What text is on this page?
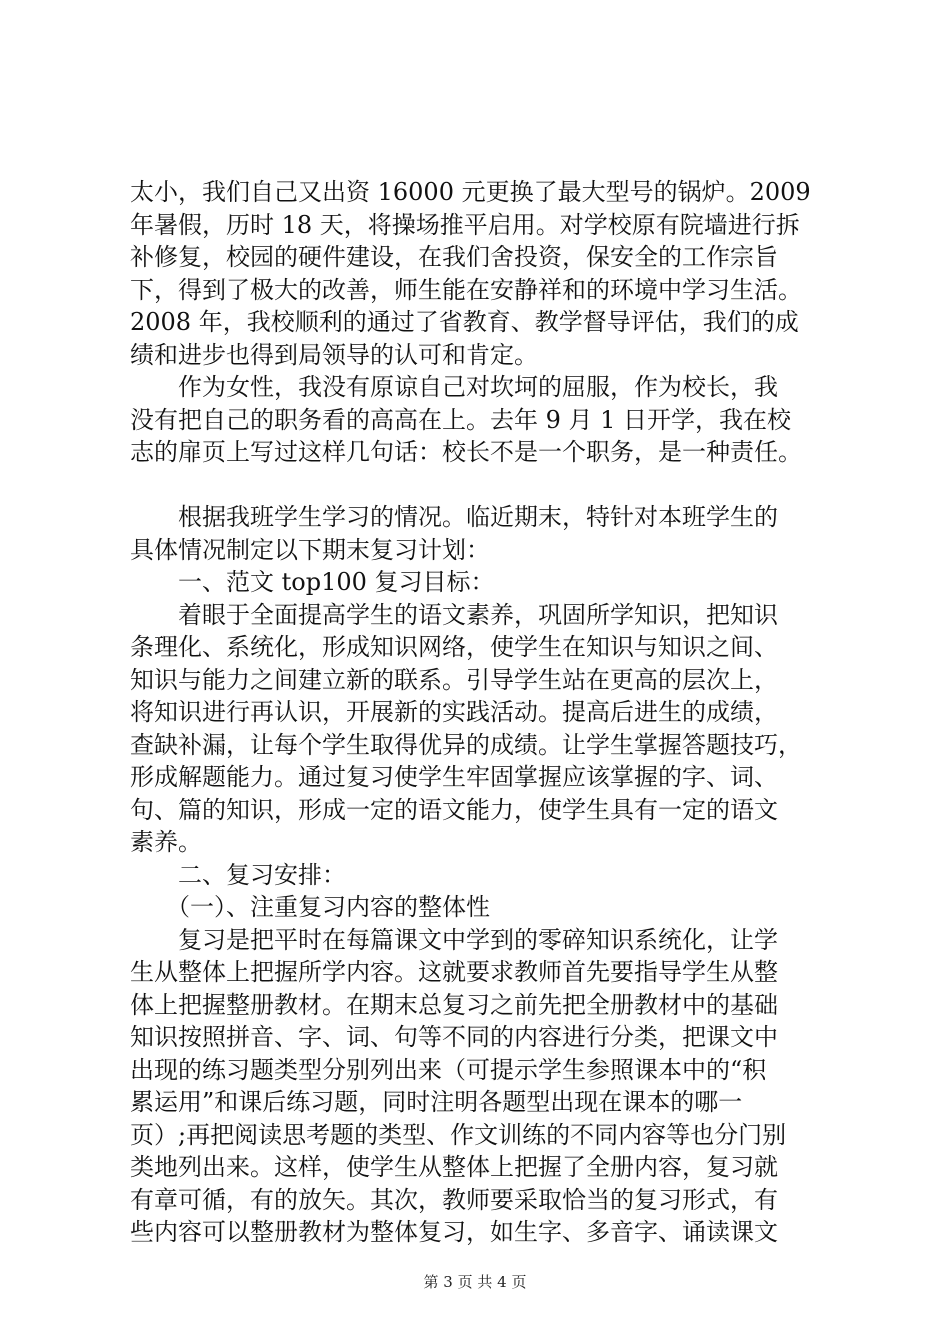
太小，我们自己又出资 16000 元更换了最大型号的锅炉。2009
年暑假，历时 18 天，将操场推平启用。对学校原有院墙进行拆
补修复，校园的硬件建设，在我们舍投资，保安全的工作宗旨
下，得到了极大的改善，师生能在安静祥和的环境中学习生活。
2008 年，我校顺利的通过了省教育、教学督导评估，我们的成
绩和进步也得到局领导的认可和肯定。
　　作为女性，我没有原谅自己对坎坷的屈服，作为校长，我
没有把自己的职务看的高高在上。去年 9 月 1 日开学，我在校
志的扉页上写过这样几句话：校长不是一个职务，是一种责任。
　　根据我班学生学习的情况。临近期末，特针对本班学生的
具体情况制定以下期末复习计划：
　　一、范文 top100 复习目标：
　　着眼于全面提高学生的语文素养，巩固所学知识，把知识
条理化、系统化，形成知识网络，使学生在知识与知识之间、
知识与能力之间建立新的联系。引导学生站在更高的层次上，
将知识进行再认识，开展新的实践活动。提高后进生的成绩，
查缺补漏，让每个学生取得优异的成绩。让学生掌握答题技巧，
形成解题能力。通过复习使学生牢固掌握应该掌握的字、词、
句、篇的知识，形成一定的语文能力，使学生具有一定的语文
素养。
　　二、复习安排：
　　（一）、注重复习内容的整体性
　　复习是把平时在每篇课文中学到的零碎知识系统化，让学
生从整体上把握所学内容。这就要求教师首先要指导学生从整
体上把握整册教材。在期末总复习之前先把全册教材中的基础
知识按照拼音、字、词、句等不同的内容进行分类，把课文中
出现的练习题类型分别列出来（可提示学生参照课本中的“积
累运用”和课后练习题，同时注明各题型出现在课本的哪一
页）;再把阅读思考题的类型、作文训练的不同内容等也分门别
类地列出来。这样，使学生从整体上把握了全册内容，复习就
有章可循，有的放矢。其次，教师要采取恰当的复习形式，有
些内容可以整册教材为整体复习，如生字、多音字、诵读课文
第 3 页 共 4 页
